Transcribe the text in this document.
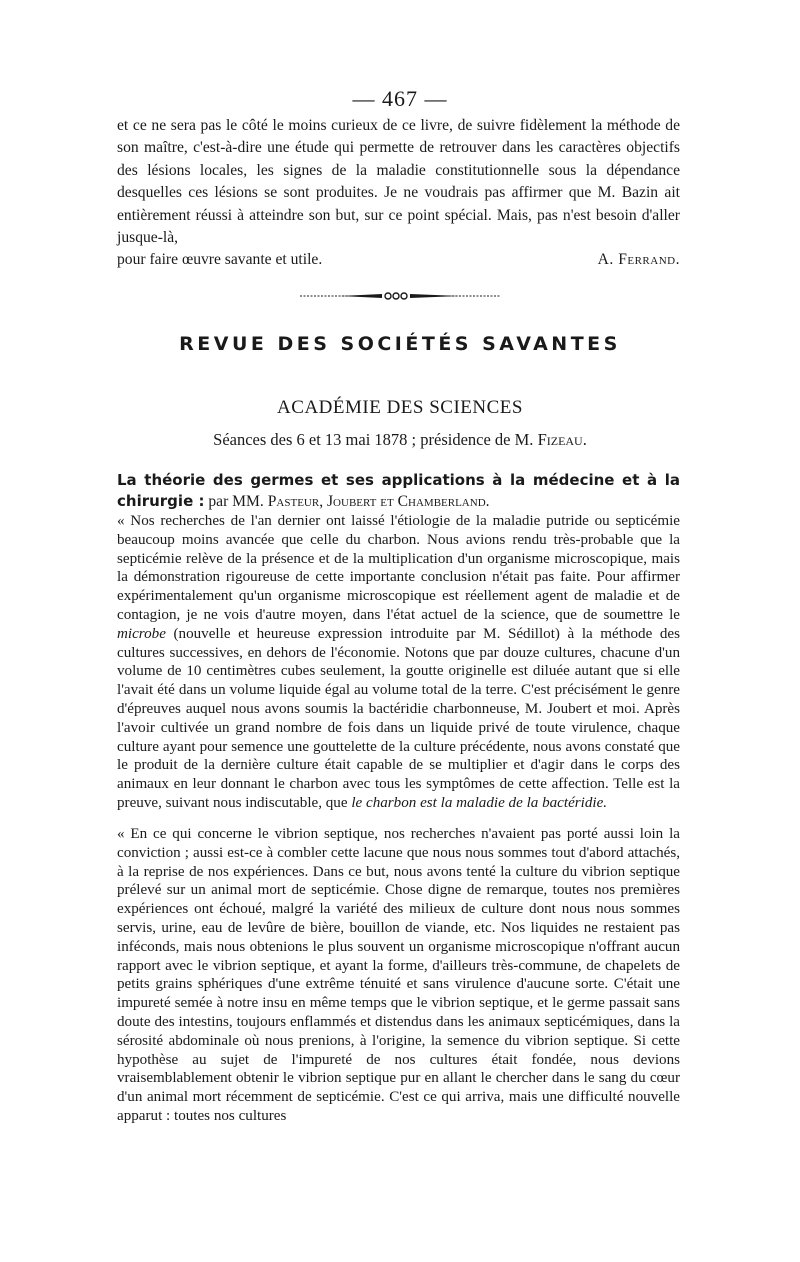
— 467 —

et ce ne sera pas le côté le moins curieux de ce livre, de suivre fidèlement la méthode de son maître, c'est-à-dire une étude qui permette de retrouver dans les caractères objectifs des lésions locales, les signes de la maladie constitutionnelle sous la dépendance desquelles ces lésions se sont produites. Je ne voudrais pas affirmer que M. Bazin ait entièrement réussi à atteindre son but, sur ce point spécial. Mais, pas n'est besoin d'aller jusque-là,

pour faire œuvre savante et utile.	A. Ferrand.
REVUE DES SOCIÉTÉS SAVANTES
ACADÉMIE DES SCIENCES
Séances des 6 et 13 mai 1878 ; présidence de M. Fizeau.
La théorie des germes et ses applications à la médecine et à la chirurgie : par MM. Pasteur, Joubert et Chamberland.

« Nos recherches de l'an dernier ont laissé l'étiologie de la maladie putride ou septicémie beaucoup moins avancée que celle du charbon. Nous avions rendu très-probable que la septicémie relève de la présence et de la multiplication d'un organisme microscopique, mais la démonstration rigoureuse de cette importante conclusion n'était pas faite. Pour affirmer expérimentalement qu'un organisme microscopique est réellement agent de maladie et de contagion, je ne vois d'autre moyen, dans l'état actuel de la science, que de soumettre le microbe (nouvelle et heureuse expression introduite par M. Sédillot) à la méthode des cultures successives, en dehors de l'économie. Notons que par douze cultures, chacune d'un volume de 10 centimètres cubes seulement, la goutte originelle est diluée autant que si elle l'avait été dans un volume liquide égal au volume total de la terre. C'est précisément le genre d'épreuves auquel nous avons soumis la bactéridie charbonneuse, M. Joubert et moi. Après l'avoir cultivée un grand nombre de fois dans un liquide privé de toute virulence, chaque culture ayant pour semence une gouttelette de la culture précédente, nous avons constaté que le produit de la dernière culture était capable de se multiplier et d'agir dans le corps des animaux en leur donnant le charbon avec tous les symptômes de cette affection. Telle est la preuve, suivant nous indiscutable, que le charbon est la maladie de la bactéridie.

« En ce qui concerne le vibrion septique, nos recherches n'avaient pas porté aussi loin la conviction ; aussi est-ce à combler cette lacune que nous nous sommes tout d'abord attachés, à la reprise de nos expériences. Dans ce but, nous avons tenté la culture du vibrion septique prélevé sur un animal mort de septicémie. Chose digne de remarque, toutes nos premières expériences ont échoué, malgré la variété des milieux de culture dont nous nous sommes servis, urine, eau de levûre de bière, bouillon de viande, etc. Nos liquides ne restaient pas inféconds, mais nous obtenions le plus souvent un organisme microscopique n'offrant aucun rapport avec le vibrion septique, et ayant la forme, d'ailleurs très-commune, de chapelets de petits grains sphériques d'une extrême ténuité et sans virulence d'aucune sorte. C'était une impureté semée à notre insu en même temps que le vibrion septique, et le germe passait sans doute des intestins, toujours enflammés et distendus dans les animaux septicémiques, dans la sérosité abdominale où nous prenions, à l'origine, la semence du vibrion septique. Si cette hypothèse au sujet de l'impureté de nos cultures était fondée, nous devions vraisemblablement obtenir le vibrion septique pur en allant le chercher dans le sang du cœur d'un animal mort récemment de septicémie. C'est ce qui arriva, mais une difficulté nouvelle apparut : toutes nos cultures
